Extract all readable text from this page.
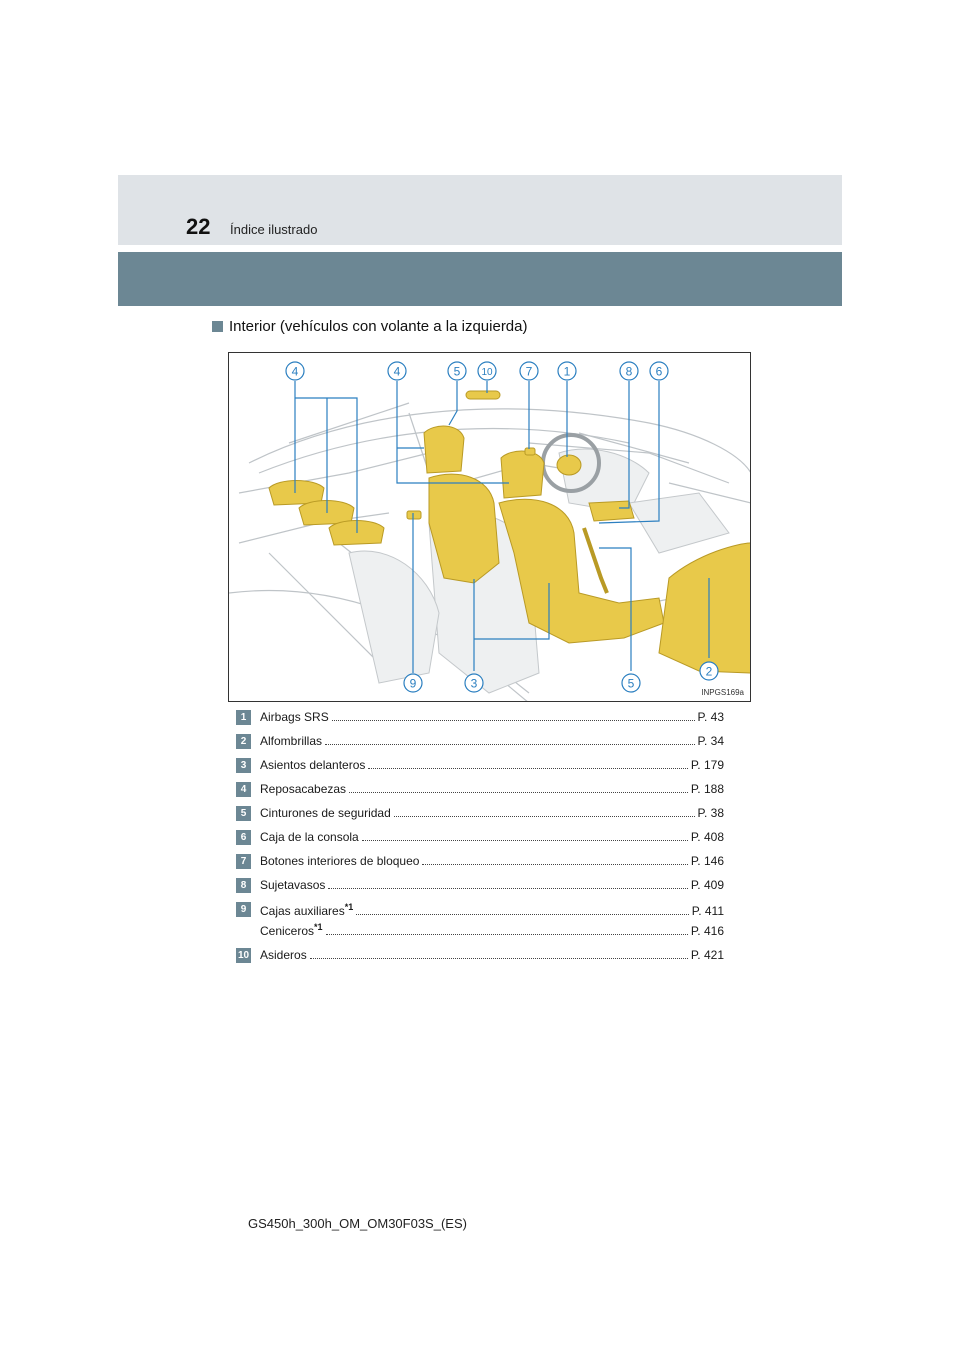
22 Índice ilustrado
Interior (vehículos con volante a la izquierda)
4	4	5 10	7	1	8 6
9	3	5
2
INPGS169a
1	Airbags SRS	P. 43
2	Alfombrillas	P. 34
3	Asientos delanteros	P. 179
4	Reposacabezas	P. 188
5	Cinturones de seguridad	P. 38
6	Caja de la consola	P. 408
7	Botones interiores de bloqueo	P. 146
8	Sujetavasos	P. 409
9	Cajas auxiliares$^{*1}$	P. 411
Ceniceros$^{*1}$	P. 416
10 Asideros	P. 421
GS450h_300h_OM_OM30F03S_(ES)
